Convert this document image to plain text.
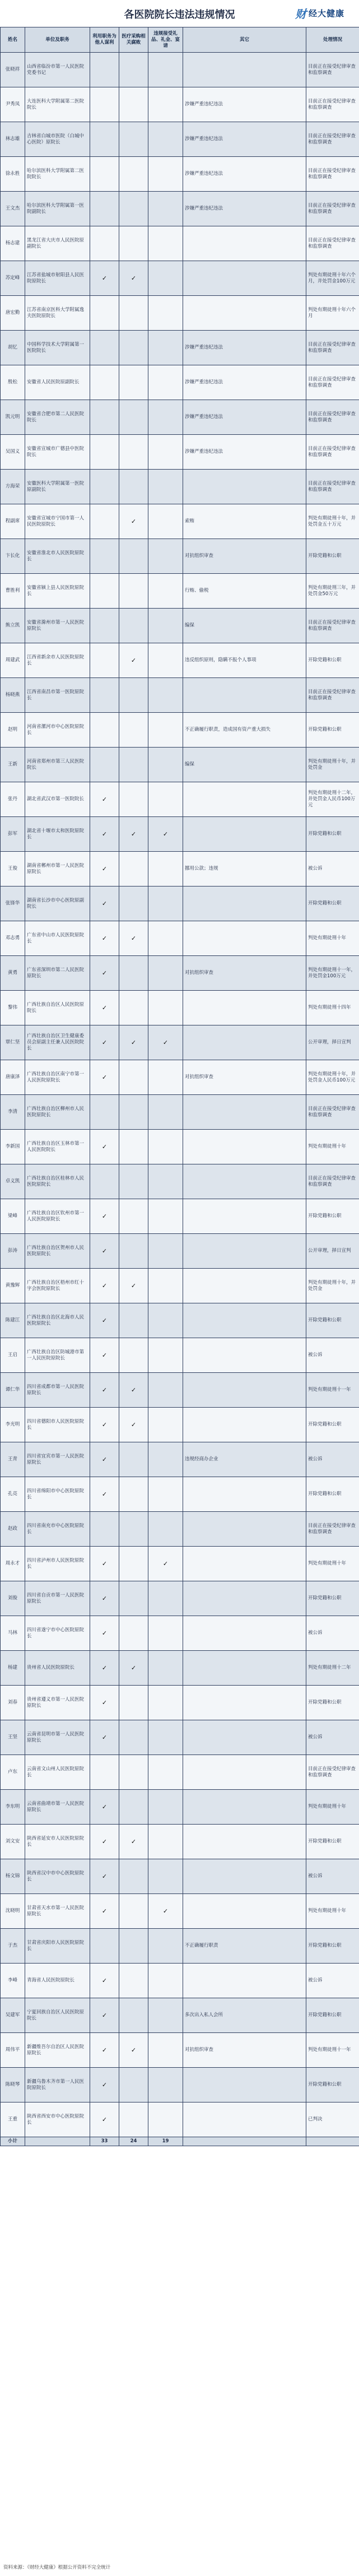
各医院院长违法违规情况	财 经大健康
姓名	单位及职务	利用职务为他人谋利	医疗采购相关腐败	违规接受礼品、礼金、宴请	其它	处理情况
张晓祥	山西省临汾市第一人民医院党委书记					目前正在接受纪律审查和监察调查
尹秀凤	大连医科大学附属第二医院院长				涉嫌严重违纪违法	目前正在接受纪律审查和监察调查
林志雄	吉林省白城市医院（白城中心医院）原院长				涉嫌严重违纪违法	目前正在接受纪律审查和监察调查
徐永胜	哈尔滨医科大学附属第二医院院长				涉嫌严重违纪违法	目前正在接受纪律审查和监察调查
王文杰	哈尔滨医科大学附属第一医院副院长				涉嫌严重违纪违法	目前正在接受纪律审查和监察调查
杨志建	黑龙江省大庆市人民医院原副院长					目前正在接受纪律审查和监察调查
苏定峰	江苏省盐城市射阳县人民医院原院长	✓	✓			判处有期徒刑十年六个月，并处罚金100万元
唐宏勤	江苏省南京医科大学附属逸夫医院原院长					判处有期徒刑十年六个月
胡忆	中国科学技术大学附属第一医院院长				涉嫌严重违纪违法	目前正在接受纪律审查和监察调查
殷松	安徽省人民医院原副院长				涉嫌严重违纪违法	目前正在接受纪律审查和监察调查
凯元明	安徽省合肥市第二人民医院院长				涉嫌严重违纪违法	目前正在接受纪律审查和监察调查
吴国义	安徽省宣城市广德县中医院院长				涉嫌严重违纪违法	目前正在接受纪律审查和监察调查
方海荣	安徽医科大学附属第一医院原副院长					目前正在接受纪律审查和监察调查
程副席	安徽省宣城市宁国市第一人民医院原院长		✓		索贿	判处有期徒刑十年，并处罚金五十万元
卞长化	安徽省淮北市人民医院原院长				对抗组织审查	开除党籍和公职
曹胜利	安徽省颍上县人民医院原院长				行贿、偷税	判处有期徒刑三年，并处罚金50万元
熊立凯	安徽省滁州市第一人民医院原院长				编保	目前正在接受纪律审查和监察调查
周建武	江西省新余市人民医院原院长		✓		违反组织原则，隐瞒不报个人事项	开除党籍和公职
杨晓燕	江西省南昌市第一医院原院长					目前正在接受纪律审查和监察调查
赵明	河南省漯河市中心医院原院长				不正确履行职责，造成国有资产重大损失	开除党籍和公职
王新	河南省郑州市第三人民医院院长				编保	判处有期徒刑十年，并处罚金
张丹	湖北省武汉市第一医院院长	✓				判处有期徒刑十二年，并处罚金人民币100万元
彭军	湖北省十堰市太和医院原院长	✓	✓	✓		开除党籍和公职
王俊	湖南省郴州市第一人民医院原院长	✓			挪用公款；违规	被公诉
张锋华	湖南省长沙市中心医院原副院长	✓				开除党籍和公职
邓志勇	广东省中山市人民医院原院长	✓	✓			判处有期徒刑十年
黄勇	广东省深圳市第二人民医院原院长	✓			对抗组织审查	判处有期徒刑十一年，并处罚金100万元
黎伟	广西壮族自治区人民医院原院长	✓				判处有期徒刑十四年
覃仁坚	广西壮族自治区卫生健康委员会原副主任兼人民医院院长	✓	✓	✓		公开审理，择日宣判
唐康泽	广西壮族自治区南宁市第一人民医院原院长	✓			对抗组织审查	判处有期徒刑十年，并处罚金人民币100万元
李清	广西壮族自治区柳州市人民医院原院长					目前正在接受纪律审查和监察调查
李新国	广西壮族自治区玉林市第一人民医院院长	✓				判处有期徒刑十年
卓义凯	广西壮族自治区桂林市人民医院原院长					目前正在接受纪律审查和监察调查
梁峰	广西壮族自治区钦州市第一人民医院原院长	✓				开除党籍和公职
彭涛	广西壮族自治区贺州市人民医院原院长	✓				公开审理，择日宣判
黄豫辉	广西壮族自治区梧州市红十字会医院原院长	✓	✓			判处有期徒刑十年，并处罚金
陈建江	广西壮族自治区北海市人民医院原院长	✓				开除党籍和公职
王启	广西壮族自治区防城港市第一人民医院原院长	✓				被公诉
谭仁华	四川省成都市第一人民医院原院长	✓	✓			判处有期徒刑十一年
李光明	四川省德阳市人民医院原院长	✓	✓			开除党籍和公职
王青	四川省宜宾市第一人民医院原院长	✓			违规经商办企业	被公诉
孔亮	四川省绵阳市中心医院原院长	✓				开除党籍和公职
赵政	四川省南充市中心医院原院长					目前正在接受纪律审查和监察调查
周永才	四川省泸州市人民医院原院长	✓		✓		判处有期徒刑十年
刘俊	四川省自贡市第一人民医院原院长	✓				开除党籍和公职
马林	四川省遂宁市中心医院原院长	✓				被公诉
杨建	贵州省人民医院原院长	✓	✓			判处有期徒刑十二年
刘春	贵州省遵义市第一人民医院原院长	✓				开除党籍和公职
王坚	云南省昆明市第一人民医院原院长	✓				被公诉
卢东	云南省文山州人民医院原院长					目前正在接受纪律审查和监察调查
李东明	云南省曲靖市第一人民医院原院长	✓				判处有期徒刑十年
刘文安	陕西省延安市人民医院原院长	✓	✓			开除党籍和公职
杨文锦	陕西省汉中市中心医院原院长	✓				被公诉
沈晓明	甘肃省天水市第一人民医院原院长	✓		✓		判处有期徒刑十年
于杰	甘肃省庆阳市人民医院原院长				不正确履行职责	开除党籍和公职
李峰	青海省人民医院原院长	✓				被公诉
吴建军	宁夏回族自治区人民医院原院长	✓			多次出入私人会所	开除党籍和公职
周伟平	新疆维吾尔自治区人民医院原院长	✓	✓		对抗组织审查	判处有期徒刑十一年
陈晓琴	新疆乌鲁木齐市第一人民医院原院长	✓				开除党籍和公职
王重	陕西省西安市中心医院原院长	✓				已判决
小计		33	24	19		
资料来源：《财经大健康》根据公开资料不完全统计
